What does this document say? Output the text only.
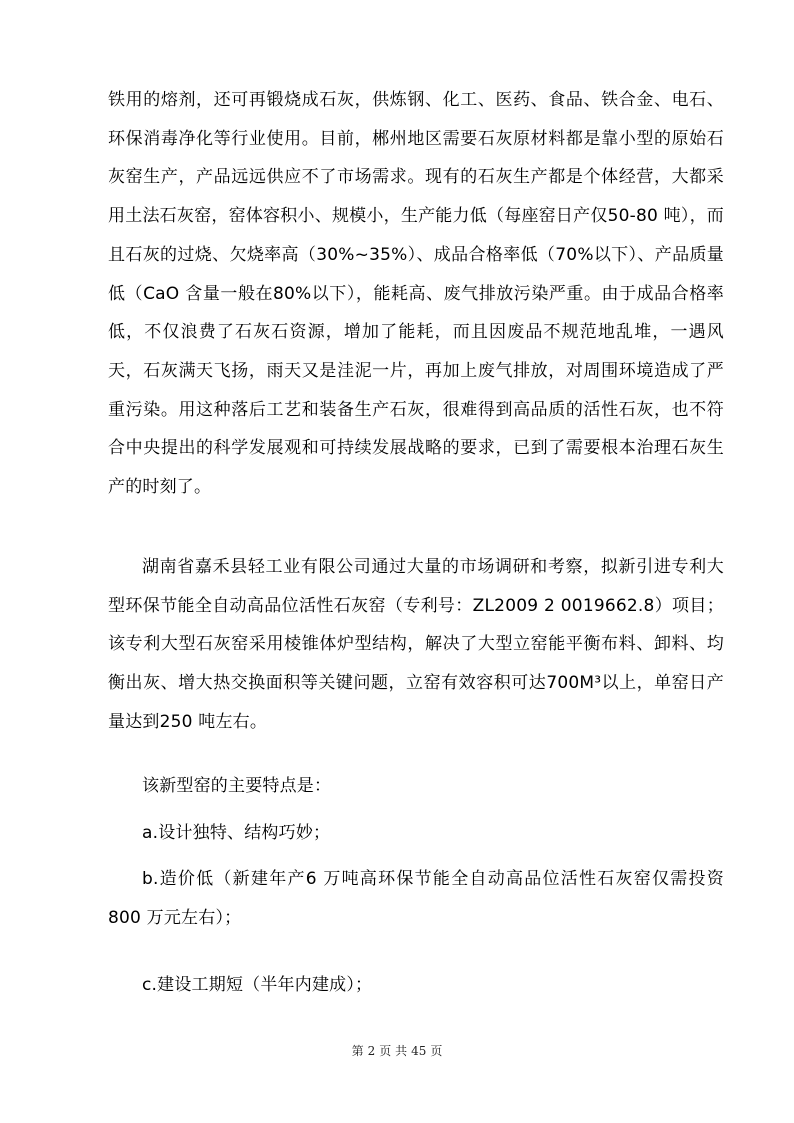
铁用的熔剂，还可再锻烧成石灰，供炼钢、化工、医药、食品、铁合金、电石、环保消毒净化等行业使用。目前，郴州地区需要石灰原材料都是靠小型的原始石灰窑生产，产品远远供应不了市场需求。现有的石灰生产都是个体经营，大都采用土法石灰窑，窑体容积小、规模小，生产能力低（每座窑日产仅50-80 吨），而且石灰的过烧、欠烧率高（30%~35%）、成品合格率低（70%以下）、产品质量低（CaO 含量一般在80%以下），能耗高、废气排放污染严重。由于成品合格率低，不仅浪费了石灰石资源，增加了能耗，而且因废品不规范地乱堆，一遇风天，石灰满天飞扬，雨天又是洼泥一片，再加上废气排放，对周围环境造成了严重污染。用这种落后工艺和装备生产石灰，很难得到高品质的活性石灰，也不符合中央提出的科学发展观和可持续发展战略的要求，已到了需要根本治理石灰生产的时刻了。

湖南省嘉禾县轻工业有限公司通过大量的市场调研和考察，拟新引进专利大型环保节能全自动高品位活性石灰窑（专利号：ZL2009 2 0019662.8）项目；该专利大型石灰窑采用棱锥体炉型结构，解决了大型立窑能平衡布料、卸料、均衡出灰、增大热交换面积等关键问题，立窑有效容积可达700M³以上，单窑日产量达到250 吨左右。

该新型窑的主要特点是：

a.设计独特、结构巧妙；

b.造价低（新建年产6 万吨高环保节能全自动高品位活性石灰窑仅需投资800 万元左右）；

c.建设工期短（半年内建成）；

第 2 页 共 45 页
